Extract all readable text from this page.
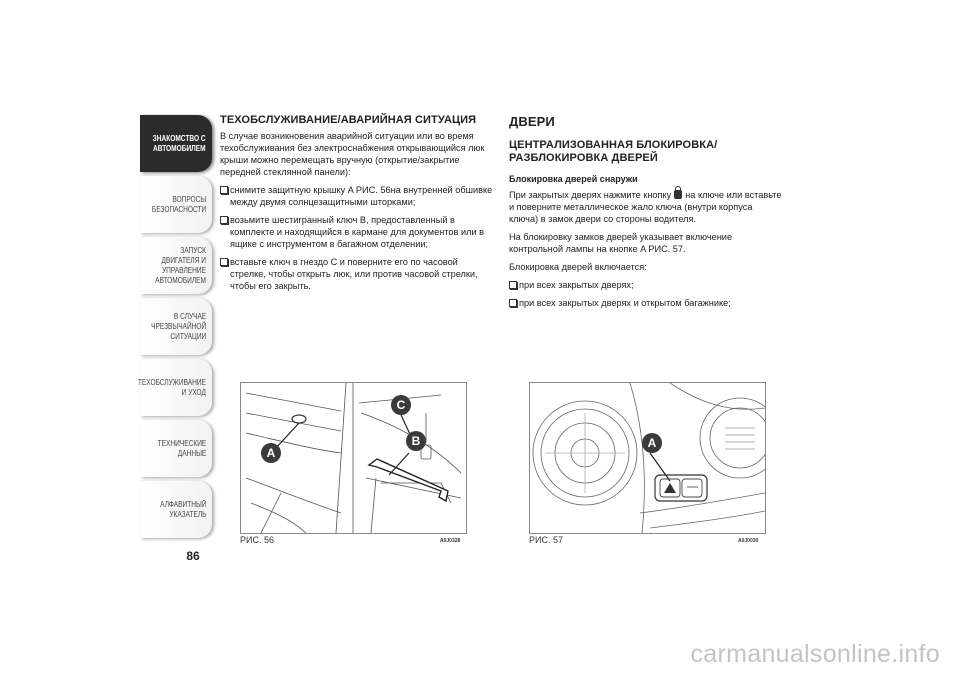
ЗНАКОМСТВО С
АВТОМОБИЛЕМ
ВОПРОСЫ
БЕЗОПАСНОСТИ
ЗАПУСК ДВИГАТЕЛЯ И
УПРАВЛЕНИЕ
АВТОМОБИЛЕМ
В СЛУЧАЕ
ЧРЕЗВЫЧАЙНОЙ
СИТУАЦИИ
ТЕХОБСЛУЖИВАНИЕ
И УХОД
ТЕХНИЧЕСКИЕ
ДАННЫЕ
АЛФАВИТНЫЙ
УКАЗАТЕЛЬ
86
ТЕХОБСЛУЖИВАНИЕ/АВАРИЙНАЯ СИТУАЦИЯ

В случае возникновения аварийной ситуации или во время техобслуживания без электроснабжения открывающийся люк крыши можно перемещать вручную (открытие/закрытие передней стеклянной панели):

снимите защитную крышку A РИС. 56на внутренней обшивке между двумя солнцезащитными шторками;
возьмите шестигранный ключ B, предоставленный в комплекте и находящийся в кармане для документов или в ящике с инструментом в багажном отделении;
вставьте ключ в гнездо C и поверните его по часовой стрелке, чтобы открыть люк, или против часовой стрелки, чтобы его закрыть.
ДВЕРИ
ЦЕНТРАЛИЗОВАННАЯ БЛОКИРОВКА/ РАЗБЛОКИРОВКА ДВЕРЕЙ
Блокировка дверей снаружи

При закрытых дверях нажмите кнопку на ключе или вставьте и поверните металлическое жало ключа (внутри корпуса ключа) в замок двери со стороны водителя.

На блокировку замков дверей указывает включение контрольной лампы на кнопке A РИС. 57.

Блокировка дверей включается:

при всех закрытых дверях;
при всех закрытых дверях и открытом багажнике;
A
C
B
РИС. 56	A0J0328
A
РИС. 57	A0J0030
carmanualsonline.info
